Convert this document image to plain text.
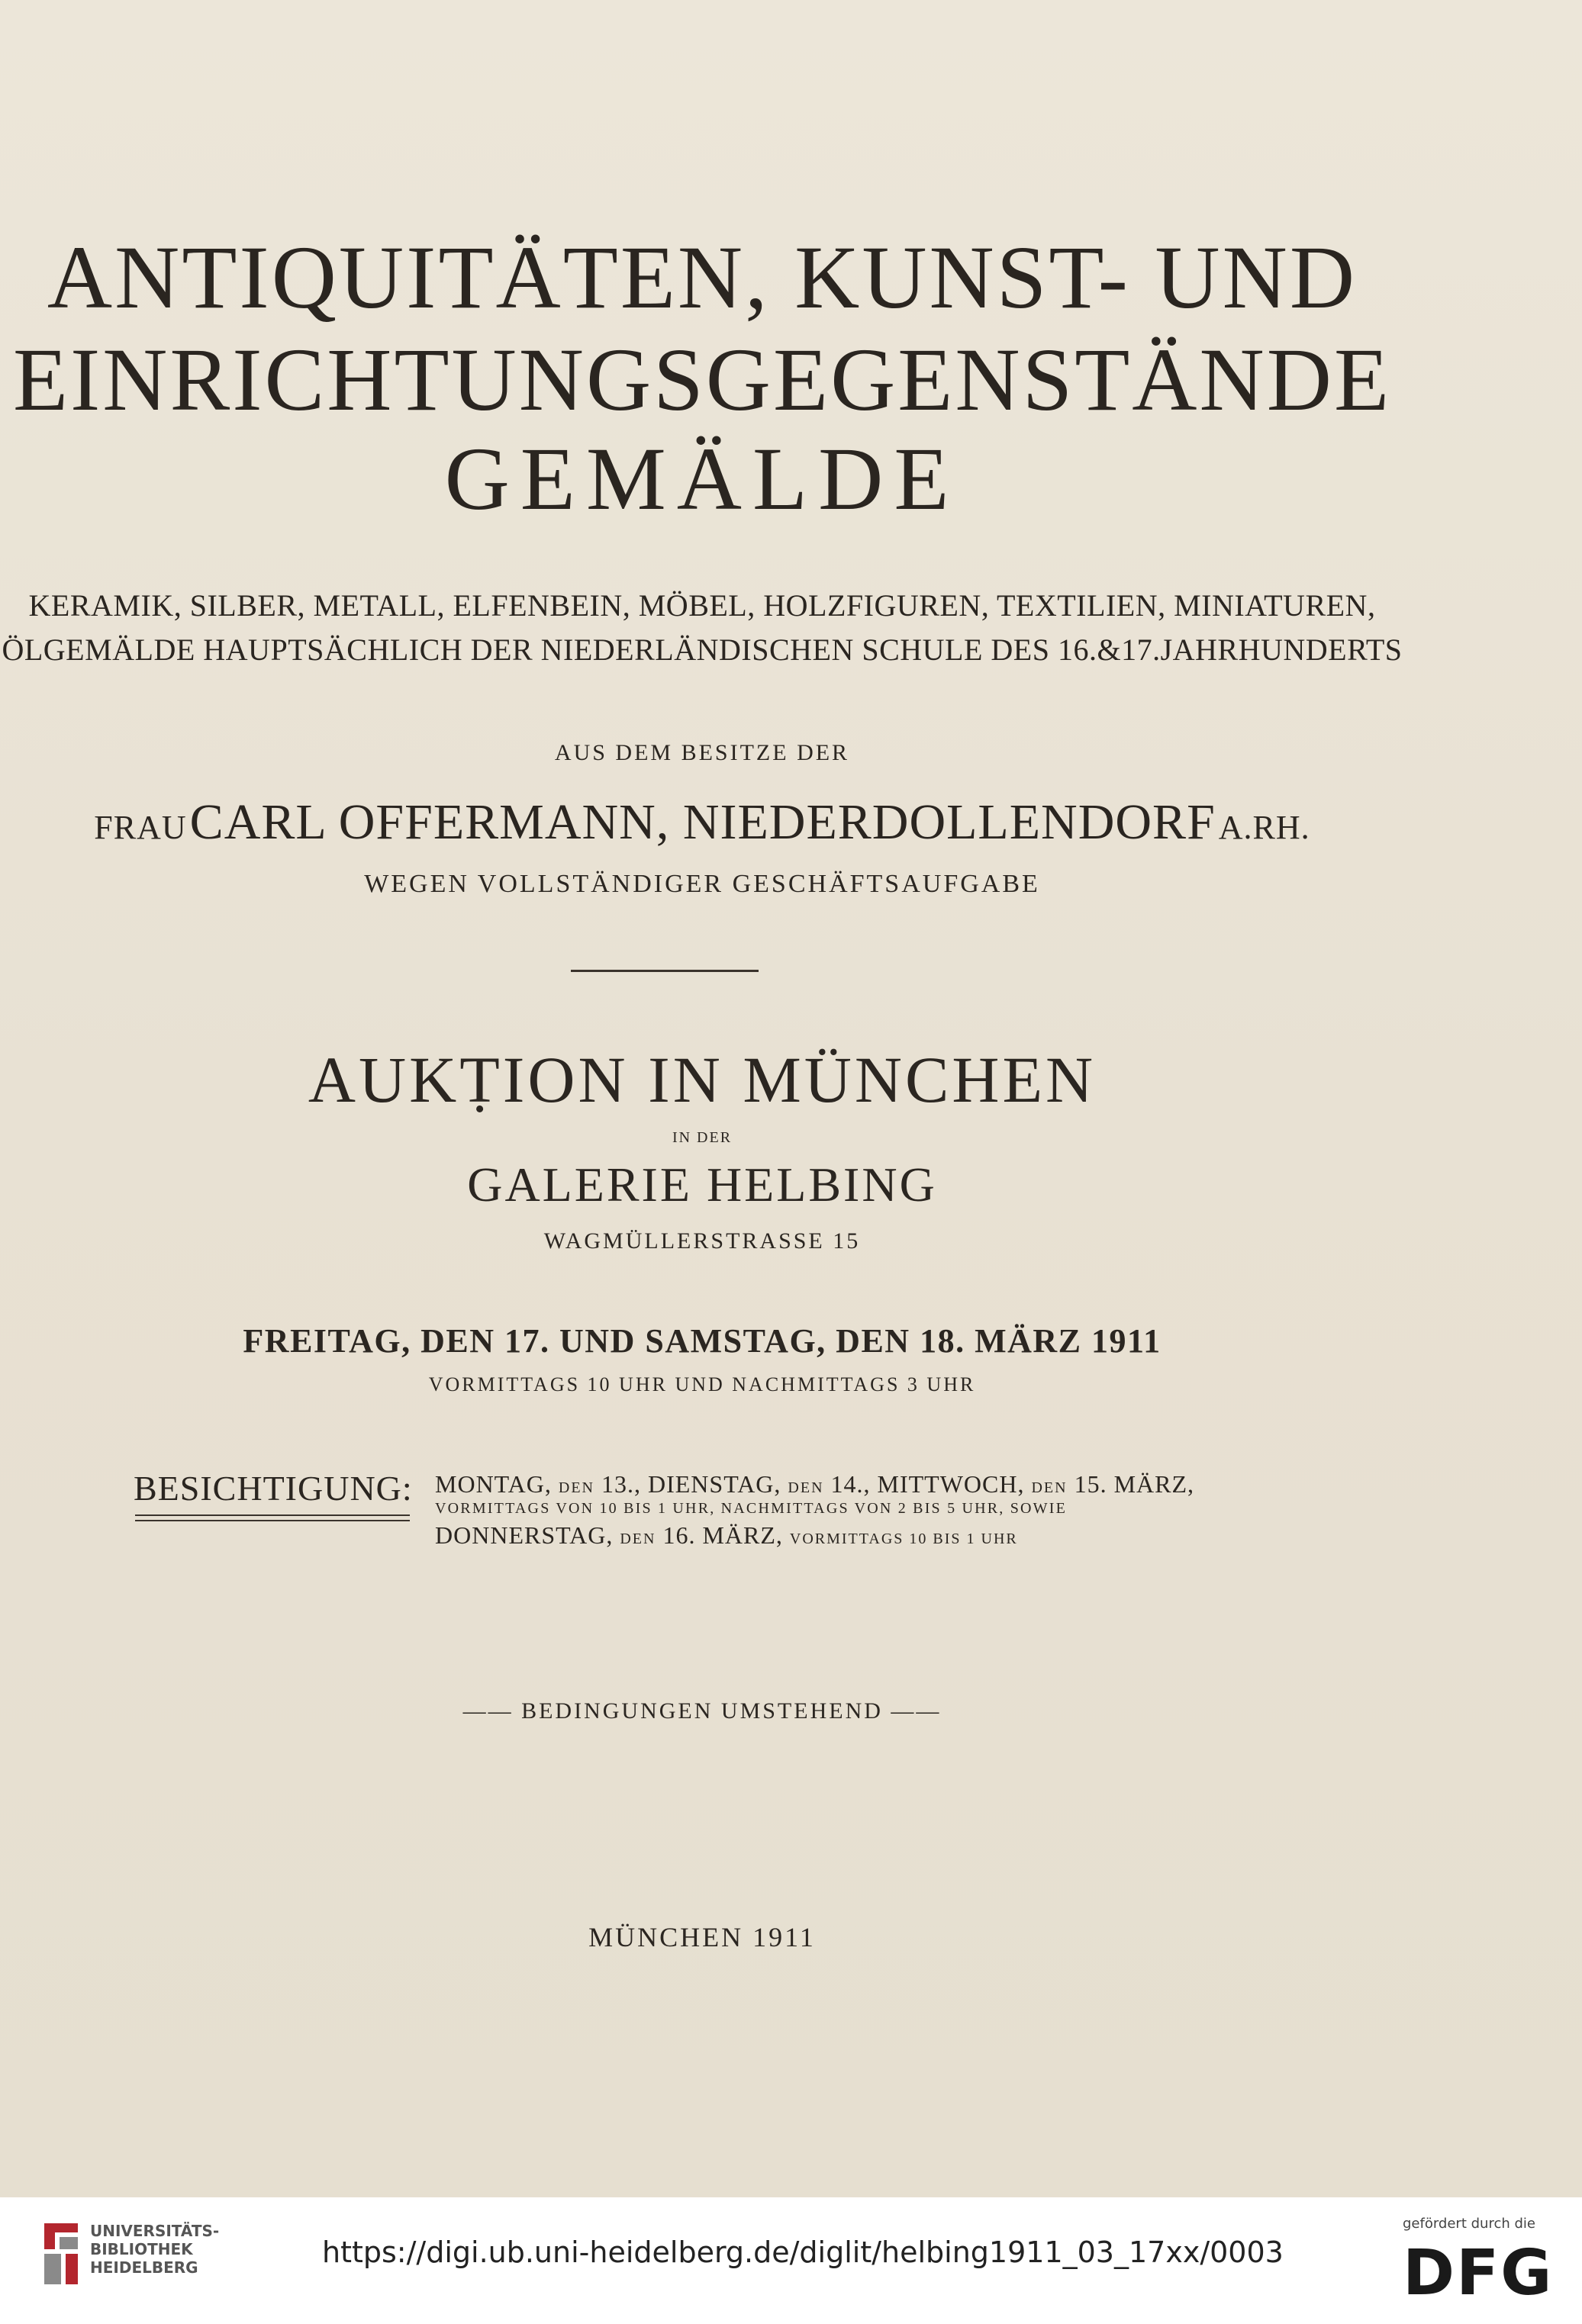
ANTIQUITÄTEN, KUNST- UND
EINRICHTUNGSGEGENSTÄNDE
GEMÄLDE
KERAMIK, SILBER, METALL, ELFENBEIN, MÖBEL, HOLZFIGUREN, TEXTILIEN, MINIATUREN,
ÖLGEMÄLDE HAUPTSÄCHLICH DER NIEDERLÄNDISCHEN SCHULE DES 16.&17.JAHRHUNDERTS
AUS DEM BESITZE DER
FRAU CARL OFFERMANN, NIEDERDOLLENDORF A.RH.
WEGEN VOLLSTÄNDIGER GESCHÄFTSAUFGABE
AUKṬION IN MÜNCHEN
IN DER
GALERIE HELBING
WAGMÜLLERSTRASSE 15
FREITAG, DEN 17. UND SAMSTAG, DEN 18. MÄRZ 1911
VORMITTAGS 10 UHR UND NACHMITTAGS 3 UHR
BESICHTIGUNG: MONTAG, DEN 13., DIENSTAG, DEN 14., MITTWOCH, DEN 15. MÄRZ,
VORMITTAGS VON 10 BIS 1 UHR, NACHMITTAGS VON 2 BIS 5 UHR, SOWIE
DONNERSTAG, DEN 16. MÄRZ, VORMITTAGS 10 BIS 1 UHR
—— BEDINGUNGEN UMSTEHEND ——
MÜNCHEN 1911
UNIVERSITÄTS-
BIBLIOTHEK
HEIDELBERG	https://digi.ub.uni-heidelberg.de/diglit/helbing1911_03_17xx/0003
gefördert durch die
DFG
